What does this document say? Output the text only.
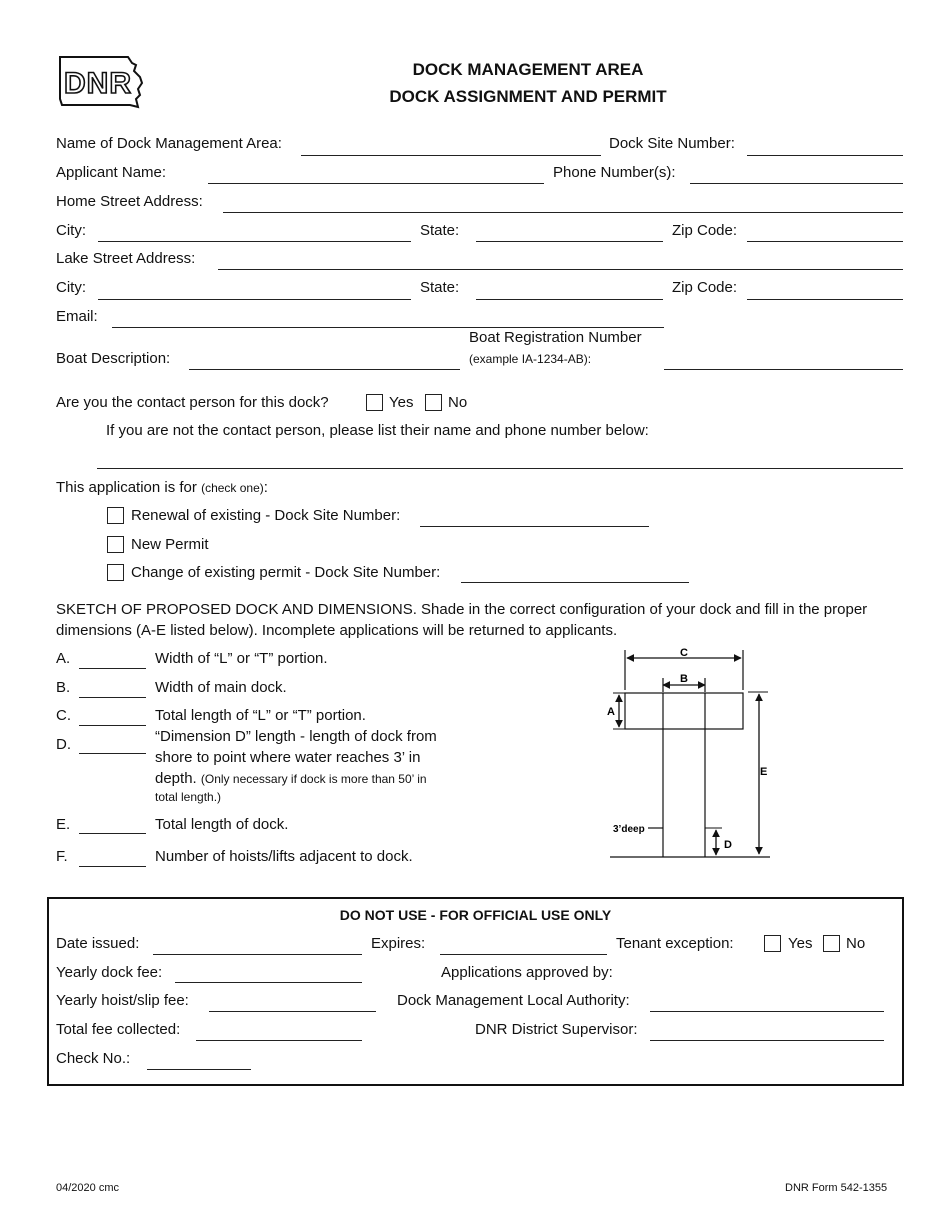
DNR	DOCK MANAGEMENT AREA
DOCK ASSIGNMENT AND PERMIT
Name of Dock Management Area:	Dock Site Number:
Applicant Name:	Phone Number(s):
Home Street Address:
City:	State:	Zip Code:
Lake Street Address:
City:	State:	Zip Code:
Email:
Boat Registration Number
(example IA-1234-AB):
Boat Description:
Are you the contact person for this dock?	Yes No
If you are not the contact person, please list their name and phone number below:
This application is for (check one):
Renewal of existing - Dock Site Number:
New Permit
Change of existing permit - Dock Site Number:
SKETCH OF PROPOSED DOCK AND DIMENSIONS. Shade in the correct configuration of your dock and fill in the proper
dimensions (A-E listed below). Incomplete applications will be returned to applicants.
A.	Width of “L” or “T” portion.
B.	Width of main dock.
C.	Total length of “L” or “T” portion.
D.	“Dimension D” length - length of dock from
shore to point where water reaches 3’ in
depth. (Only necessary if dock is more than 50’ in
total length.)
E.	Total length of dock.
F.	Number of hoists/lifts adjacent to dock.
C
B
A
E
3’deep
D
DO NOT USE - FOR OFFICIAL USE ONLY
Date issued:	Expires:	Tenant exception:	Yes No
Yearly dock fee:	Applications approved by:
Yearly hoist/slip fee:	Dock Management Local Authority:
Total fee collected:	DNR District Supervisor:
Check No.:
04/2020 cmc	DNR Form 542-1355
